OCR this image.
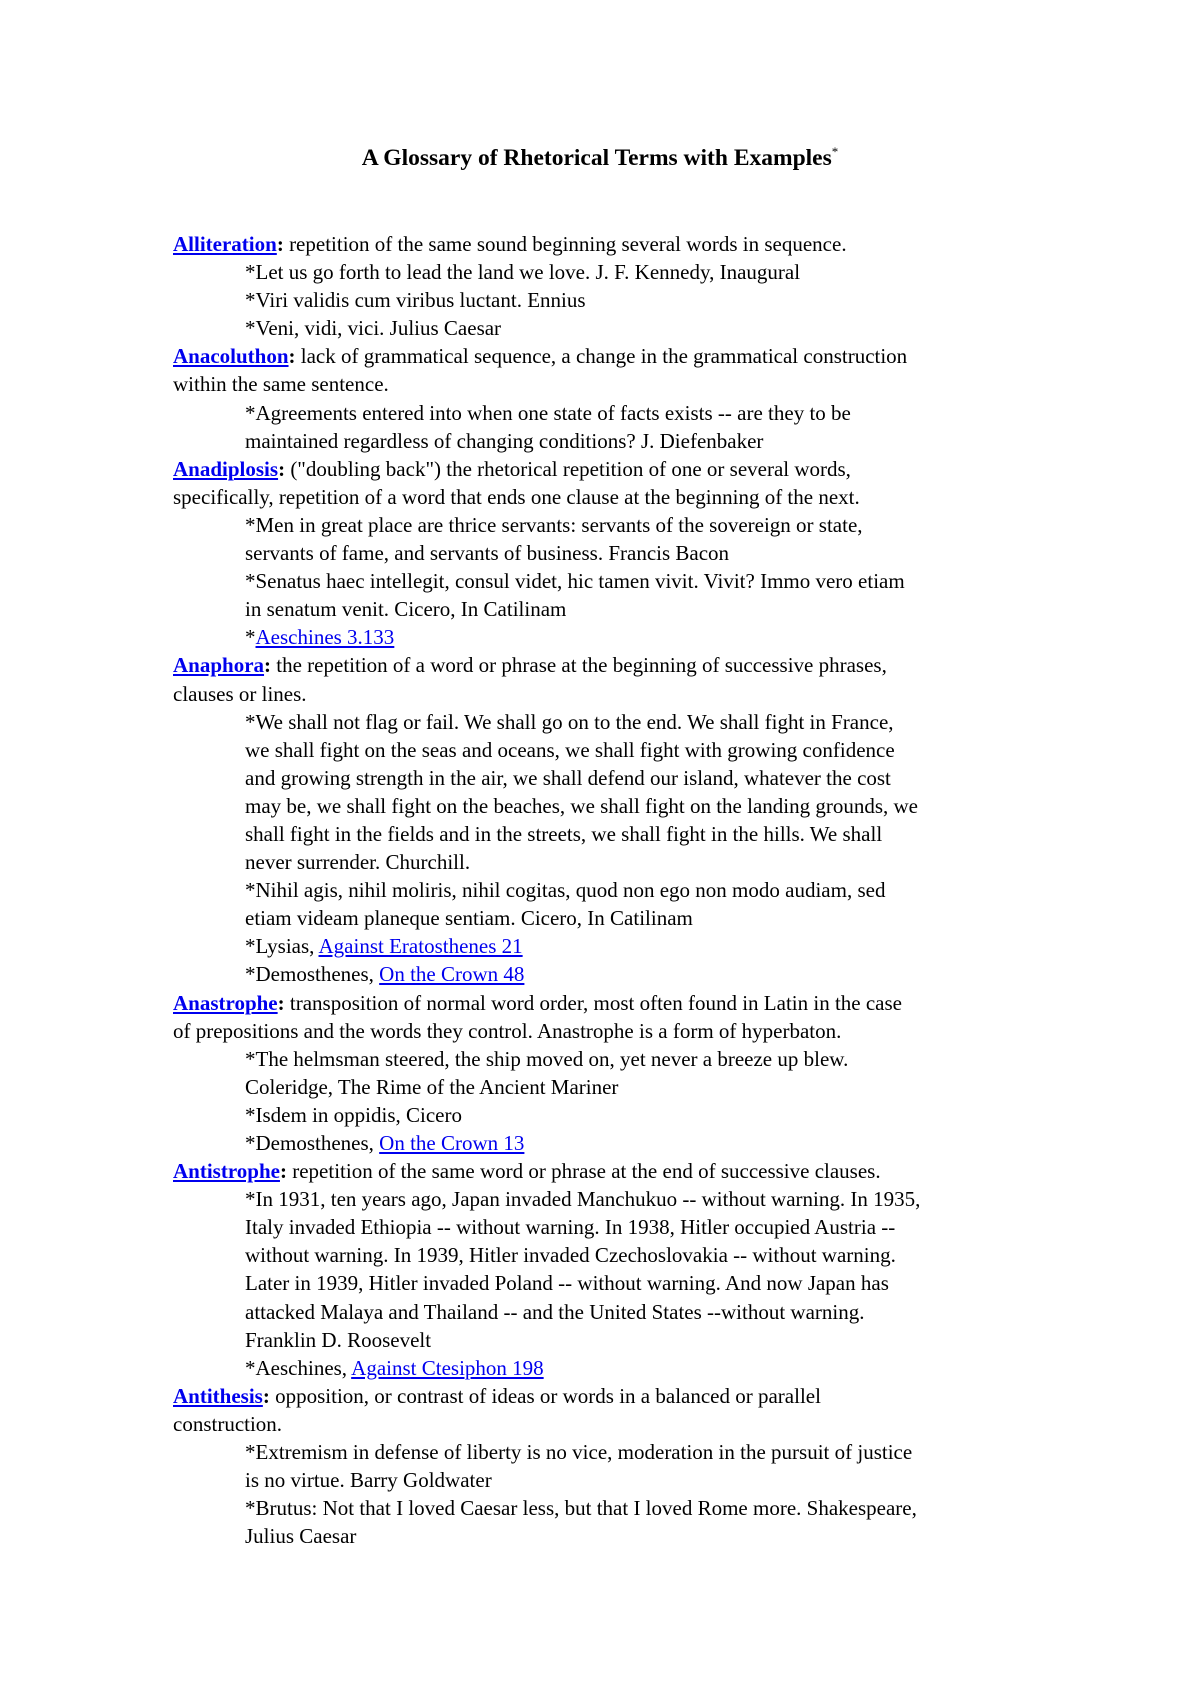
A Glossary of Rhetorical Terms with Examples*
Alliteration: repetition of the same sound beginning several words in sequence.
*Let us go forth to lead the land we love. J. F. Kennedy, Inaugural
*Viri validis cum viribus luctant. Ennius
*Veni, vidi, vici. Julius Caesar
Anacoluthon: lack of grammatical sequence, a change in the grammatical construction
within the same sentence.
*Agreements entered into when one state of facts exists -- are they to be
maintained regardless of changing conditions? J. Diefenbaker
Anadiplosis: ("doubling back") the rhetorical repetition of one or several words,
specifically, repetition of a word that ends one clause at the beginning of the next.
*Men in great place are thrice servants: servants of the sovereign or state,
servants of fame, and servants of business. Francis Bacon
*Senatus haec intellegit, consul videt, hic tamen vivit. Vivit? Immo vero etiam
in senatum venit. Cicero, In Catilinam
*Aeschines 3.133
Anaphora: the repetition of a word or phrase at the beginning of successive phrases,
clauses or lines.
*We shall not flag or fail. We shall go on to the end. We shall fight in France,
we shall fight on the seas and oceans, we shall fight with growing confidence
and growing strength in the air, we shall defend our island, whatever the cost
may be, we shall fight on the beaches, we shall fight on the landing grounds, we
shall fight in the fields and in the streets, we shall fight in the hills. We shall
never surrender. Churchill.
*Nihil agis, nihil moliris, nihil cogitas, quod non ego non modo audiam, sed
etiam videam planeque sentiam. Cicero, In Catilinam
*Lysias, Against Eratosthenes 21
*Demosthenes, On the Crown 48
Anastrophe: transposition of normal word order, most often found in Latin in the case
of prepositions and the words they control. Anastrophe is a form of hyperbaton.
*The helmsman steered, the ship moved on, yet never a breeze up blew.
Coleridge, The Rime of the Ancient Mariner
*Isdem in oppidis, Cicero
*Demosthenes, On the Crown 13
Antistrophe: repetition of the same word or phrase at the end of successive clauses.
*In 1931, ten years ago, Japan invaded Manchukuo -- without warning. In 1935,
Italy invaded Ethiopia -- without warning. In 1938, Hitler occupied Austria --
without warning. In 1939, Hitler invaded Czechoslovakia -- without warning.
Later in 1939, Hitler invaded Poland -- without warning. And now Japan has
attacked Malaya and Thailand -- and the United States --without warning.
Franklin D. Roosevelt
*Aeschines, Against Ctesiphon 198
Antithesis: opposition, or contrast of ideas or words in a balanced or parallel
construction.
*Extremism in defense of liberty is no vice, moderation in the pursuit of justice
is no virtue. Barry Goldwater
*Brutus: Not that I loved Caesar less, but that I loved Rome more. Shakespeare,
Julius Caesar
